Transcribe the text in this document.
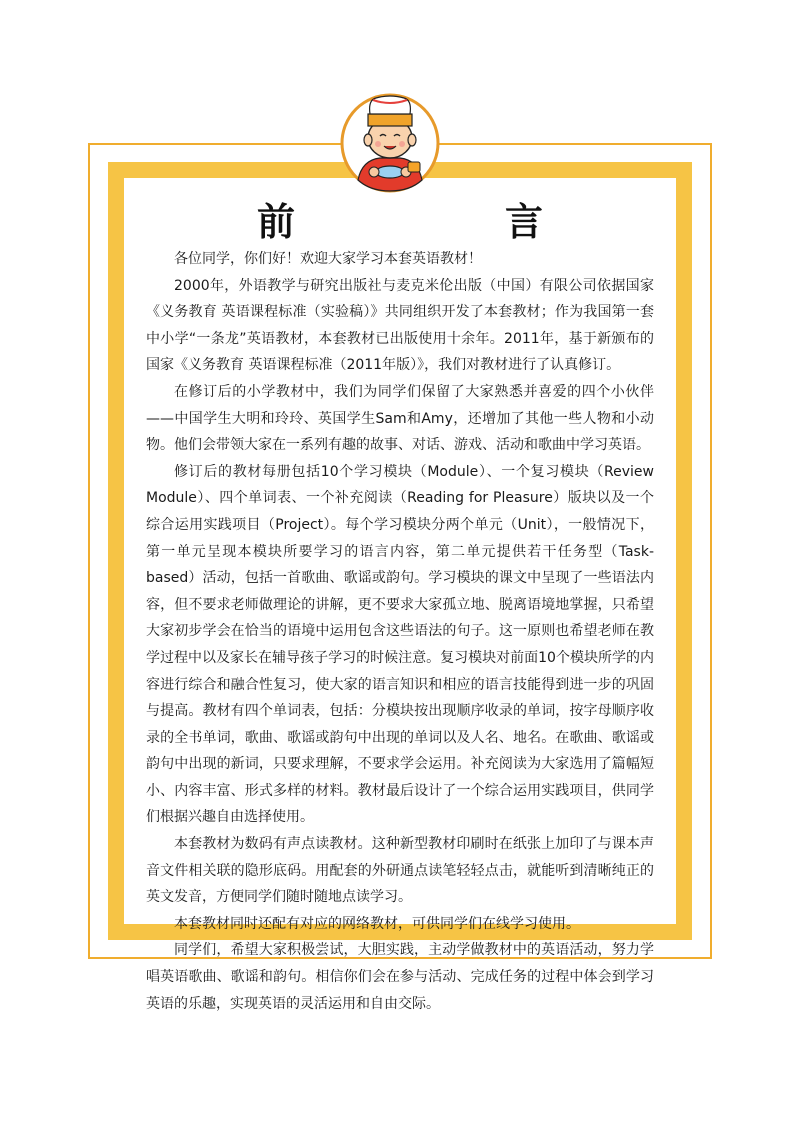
前　言

各位同学，你们好！欢迎大家学习本套英语教材！

2000年，外语教学与研究出版社与麦克米伦出版（中国）有限公司依据国家《义务教育 英语课程标准（实验稿）》共同组织开发了本套教材；作为我国第一套中小学“一条龙”英语教材，本套教材已出版使用十余年。2011年，基于新颁布的国家《义务教育 英语课程标准（2011年版）》，我们对教材进行了认真修订。

在修订后的小学教材中，我们为同学们保留了大家熟悉并喜爱的四个小伙伴——中国学生大明和玲玲、英国学生Sam和Amy，还增加了其他一些人物和小动物。他们会带领大家在一系列有趣的故事、对话、游戏、活动和歌曲中学习英语。

修订后的教材每册包括10个学习模块（Module）、一个复习模块（Review Module）、四个单词表、一个补充阅读（Reading for Pleasure）版块以及一个综合运用实践项目（Project）。每个学习模块分两个单元（Unit），一般情况下，第一单元呈现本模块所要学习的语言内容，第二单元提供若干任务型（Task-based）活动，包括一首歌曲、歌谣或韵句。学习模块的课文中呈现了一些语法内容，但不要求老师做理论的讲解，更不要求大家孤立地、脱离语境地掌握，只希望大家初步学会在恰当的语境中运用包含这些语法的句子。这一原则也希望老师在教学过程中以及家长在辅导孩子学习的时候注意。复习模块对前面10个模块所学的内容进行综合和融合性复习，使大家的语言知识和相应的语言技能得到进一步的巩固与提高。教材有四个单词表，包括：分模块按出现顺序收录的单词，按字母顺序收录的全书单词，歌曲、歌谣或韵句中出现的单词以及人名、地名。在歌曲、歌谣或韵句中出现的新词，只要求理解，不要求学会运用。补充阅读为大家选用了篇幅短小、内容丰富、形式多样的材料。教材最后设计了一个综合运用实践项目，供同学们根据兴趣自由选择使用。

本套教材为数码有声点读教材。这种新型教材印刷时在纸张上加印了与课本声音文件相关联的隐形底码。用配套的外研通点读笔轻轻点击，就能听到清晰纯正的英文发音，方便同学们随时随地点读学习。

本套教材同时还配有对应的网络教材，可供同学们在线学习使用。

同学们，希望大家积极尝试，大胆实践，主动学做教材中的英语活动，努力学唱英语歌曲、歌谣和韵句。相信你们会在参与活动、完成任务的过程中体会到学习英语的乐趣，实现英语的灵活运用和自由交际。
